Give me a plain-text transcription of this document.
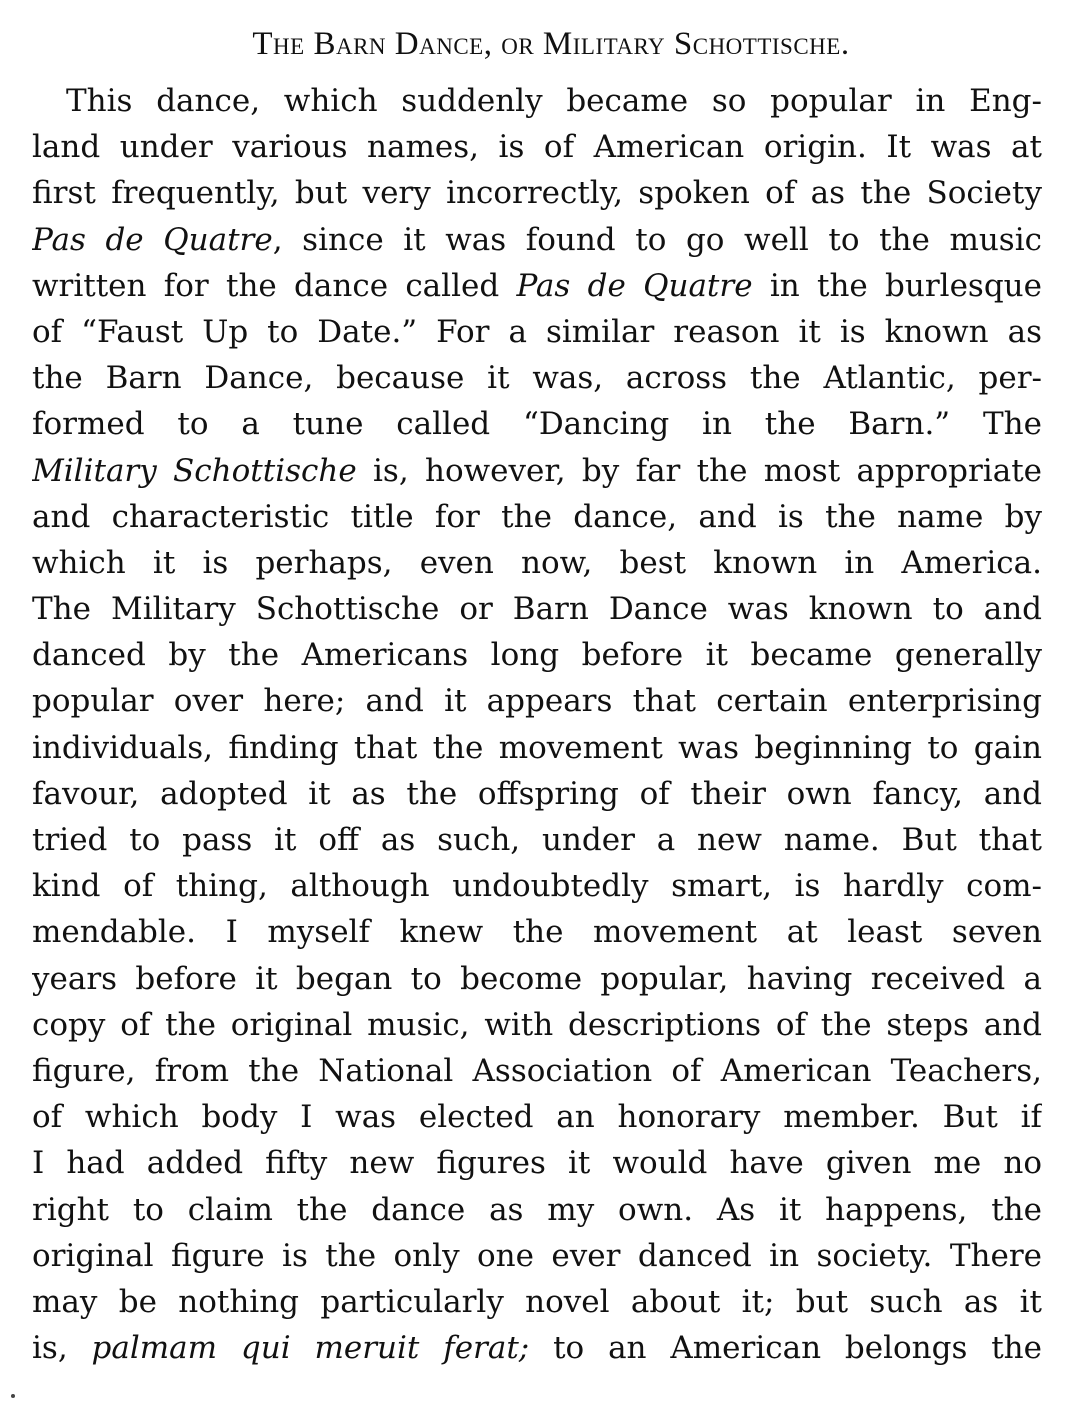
The Barn Dance, or Military Schottische.
This dance, which suddenly became so popular in Eng-
land under various names, is of American origin. It was at
first frequently, but very incorrectly, spoken of as the Society
Pas de Quatre, since it was found to go well to the music
written for the dance called Pas de Quatre in the burlesque
of “Faust Up to Date.” For a similar reason it is known as
the Barn Dance, because it was, across the Atlantic, per-
formed to a tune called “Dancing in the Barn.” The
Military Schottische is, however, by far the most appropriate
and characteristic title for the dance, and is the name by
which it is perhaps, even now, best known in America.
The Military Schottische or Barn Dance was known to and
danced by the Americans long before it became generally
popular over here; and it appears that certain enterprising
individuals, finding that the movement was beginning to gain
favour, adopted it as the offspring of their own fancy, and
tried to pass it off as such, under a new name. But that
kind of thing, although undoubtedly smart, is hardly com-
mendable. I myself knew the movement at least seven
years before it began to become popular, having received a
copy of the original music, with descriptions of the steps and
figure, from the National Association of American Teachers,
of which body I was elected an honorary member. But if
I had added fifty new figures it would have given me no
right to claim the dance as my own. As it happens, the
original figure is the only one ever danced in society. There
may be nothing particularly novel about it; but such as it
is, palmam qui meruit ferat; to an American belongs the
